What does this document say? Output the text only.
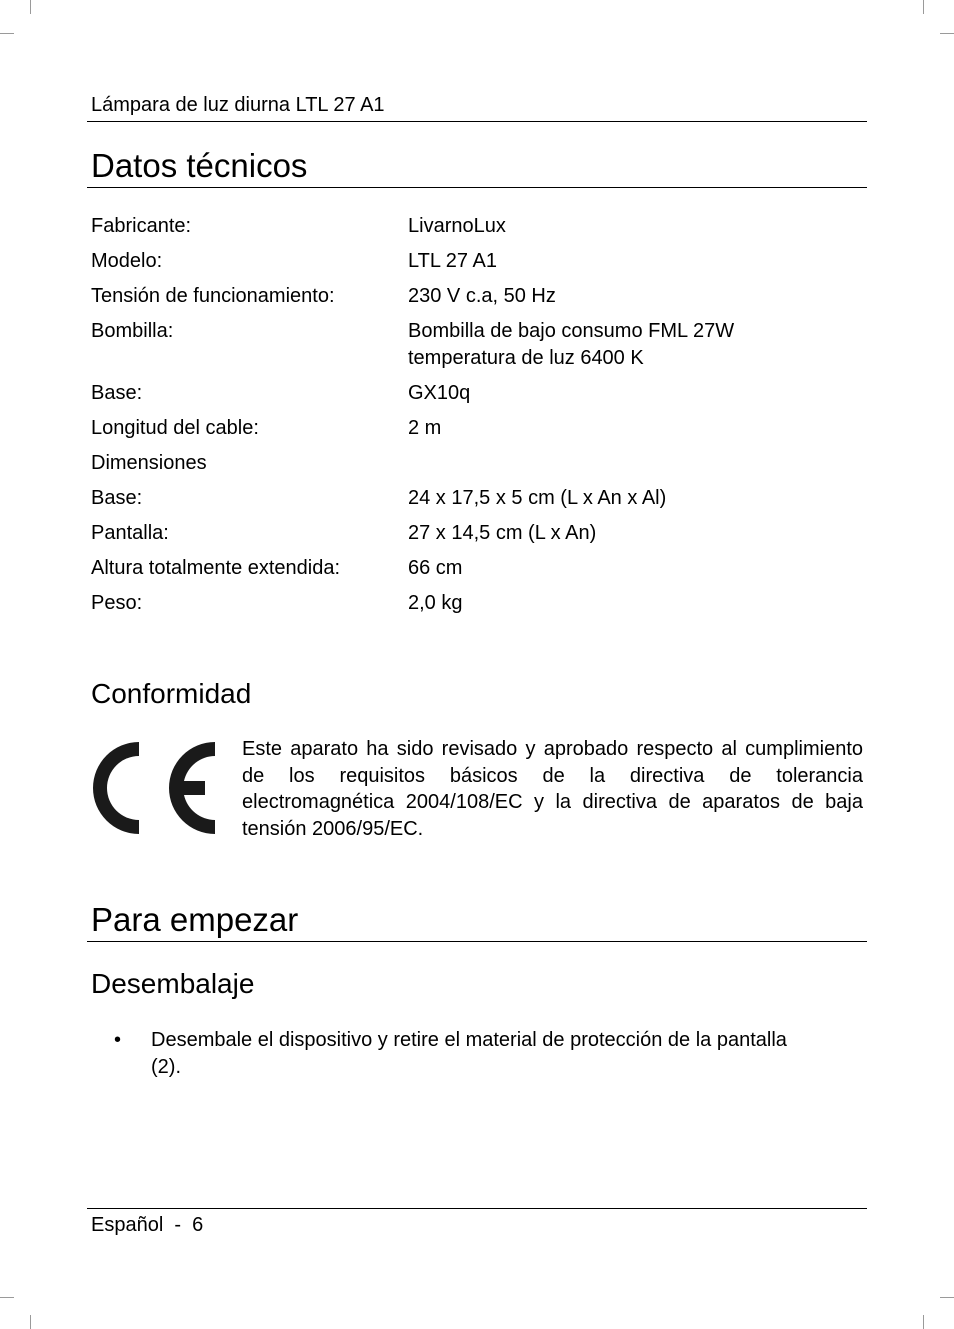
Lámpara de luz diurna LTL 27 A1
Datos técnicos
Fabricante:	LivarnoLux
Modelo:	LTL 27 A1
Tensión de funcionamiento:	230 V c.a, 50 Hz
Bombilla:	Bombilla de bajo consumo FML 27W
temperatura de luz 6400 K
Base:	GX10q
Longitud del cable:	2 m
Dimensiones
Base:	24 x 17,5 x 5 cm (L x An x Al)
Pantalla:	27 x 14,5 cm (L x An)
Altura totalmente extendida:	66 cm
Peso:	2,0 kg
Conformidad
Este aparato ha sido revisado y aprobado respecto al cumplimiento de los requisitos básicos de la directiva de tolerancia electromagnética 2004/108/EC y la directiva de aparatos de baja tensión 2006/95/EC.
Para empezar
Desembalaje
• Desembale el dispositivo y retire el material de protección de la pantalla (2).
Español  -  6
